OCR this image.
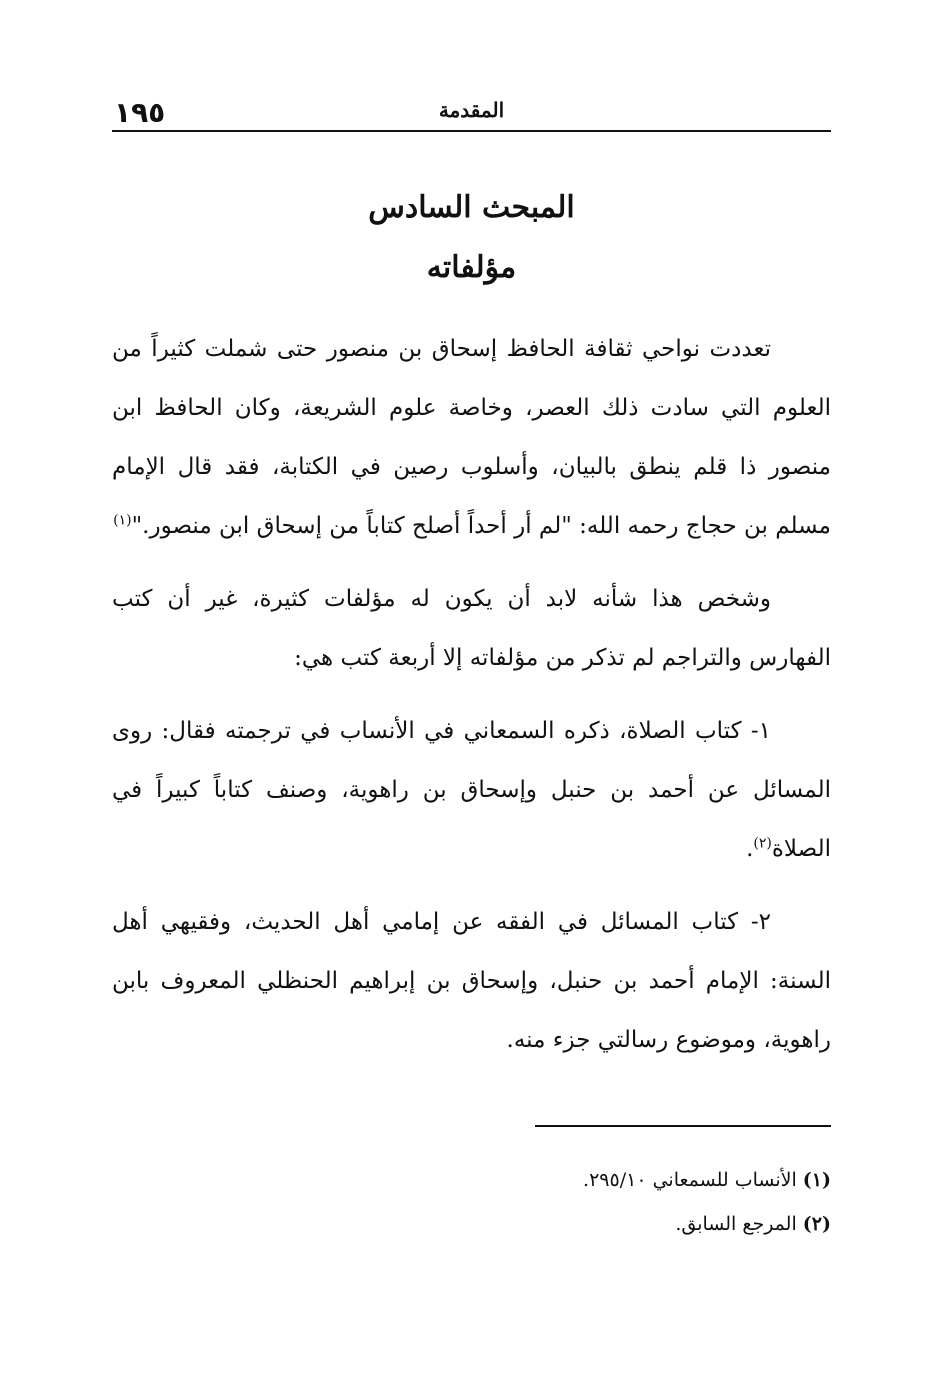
١٩٥	المقدمة
المبحث السادس
مؤلفاته

تعددت نواحي ثقافة الحافظ إسحاق بن منصور حتى شملت كثيراً من العلوم التي سادت ذلك العصر، وخاصة علوم الشريعة، وكان الحافظ ابن منصور ذا قلم ينطق بالبيان، وأسلوب رصين في الكتابة، فقد قال الإمام مسلم بن حجاج رحمه الله: "لم أر أحداً أصلح كتاباً من إسحاق ابن منصور."$^{(١)}$

وشخص هذا شأنه لابد أن يكون له مؤلفات كثيرة، غير أن كتب الفهارس والتراجم لم تذكر من مؤلفاته إلا أربعة كتب هي:

١- كتاب الصلاة، ذكره السمعاني في الأنساب في ترجمته فقال: روى المسائل عن أحمد بن حنبل وإسحاق بن راهوية، وصنف كتاباً كبيراً في الصلاة$^{(٢)}$.

٢- كتاب المسائل في الفقه عن إمامي أهل الحديث، وفقيهي أهل السنة: الإمام أحمد بن حنبل، وإسحاق بن إبراهيم الحنظلي المعروف بابن راهوية، وموضوع رسالتي جزء منه.

(١) الأنساب للسمعاني ٢٩٥/١٠.
(٢) المرجع السابق.
